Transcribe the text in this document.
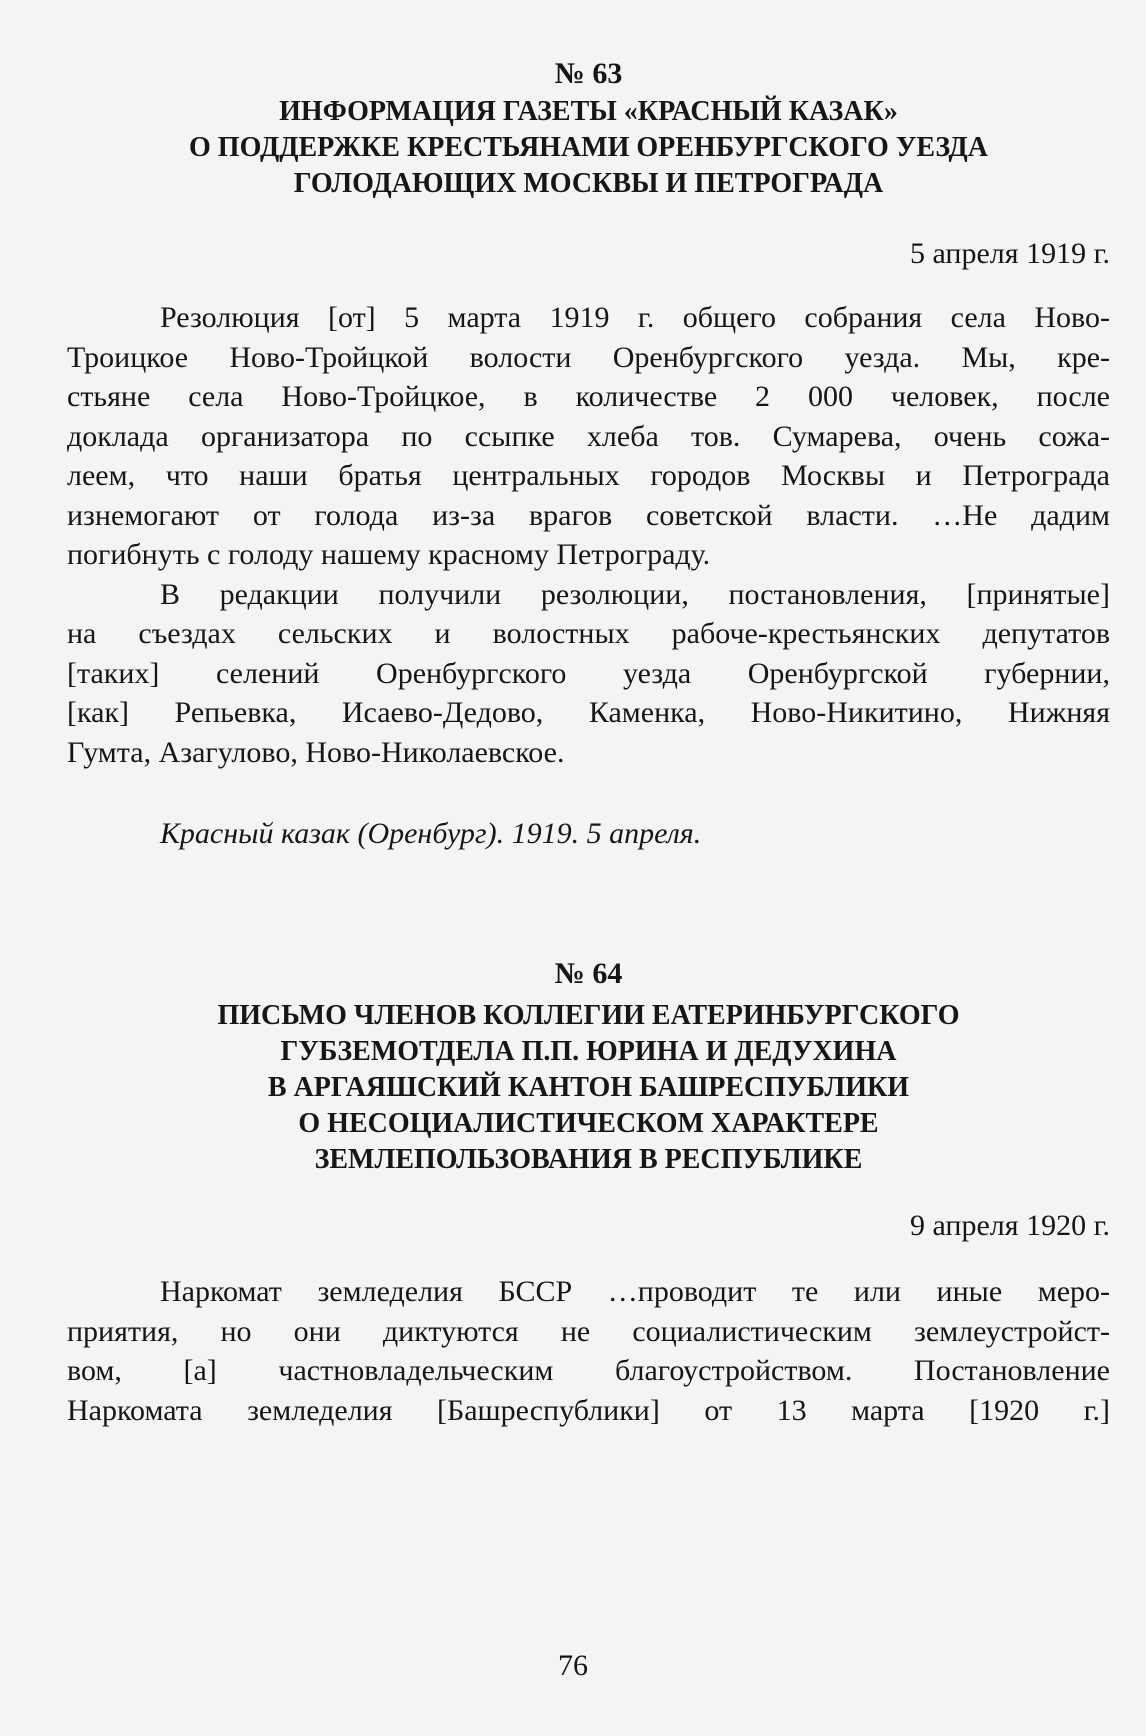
№ 63
ИНФОРМАЦИЯ ГАЗЕТЫ «КРАСНЫЙ КАЗАК»
О ПОДДЕРЖКЕ КРЕСТЬЯНАМИ ОРЕНБУРГСКОГО УЕЗДА
ГОЛОДАЮЩИХ МОСКВЫ И ПЕТРОГРАДА
5 апреля 1919 г.

Резолюция [от] 5 марта 1919 г. общего собрания села Ново-
Троицкое Ново-Тройцкой волости Оренбургского уезда. Мы, кре-
стьяне села Ново-Тройцкое, в количестве 2 000 человек, после
доклада организатора по ссыпке хлеба тов. Сумарева, очень сожа-
леем, что наши братья центральных городов Москвы и Петрограда
изнемогают от голода из-за врагов советской власти. …Не дадим
погибнуть с голоду нашему красному Петрограду.

В редакции получили резолюции, постановления, [принятые]
на съездах сельских и волостных рабоче-крестьянских депутатов
[таких] селений Оренбургского уезда Оренбургской губернии,
[как] Репьевка, Исаево-Дедово, Каменка, Ново-Никитино, Нижняя
Гумта, Азагулово, Ново-Николаевское.

Красный казак (Оренбург). 1919. 5 апреля.
№ 64
ПИСЬМО ЧЛЕНОВ КОЛЛЕГИИ ЕАТЕРИНБУРГСКОГО
ГУБЗЕМОТДЕЛА П.П. ЮРИНА И ДЕДУХИНА
В АРГАЯШСКИЙ КАНТОН БАШРЕСПУБЛИКИ
О НЕСОЦИАЛИСТИЧЕСКОМ ХАРАКТЕРЕ
ЗЕМЛЕПОЛЬЗОВАНИЯ В РЕСПУБЛИКЕ
9 апреля 1920 г.

Наркомат земледелия БССР …проводит те или иные меро-
приятия, но они диктуются не социалистическим землеустройст-
вом, [а] частновладельческим благоустройством. Постановление
Наркомата земледелия [Башреспублики] от 13 марта [1920 г.]

76
